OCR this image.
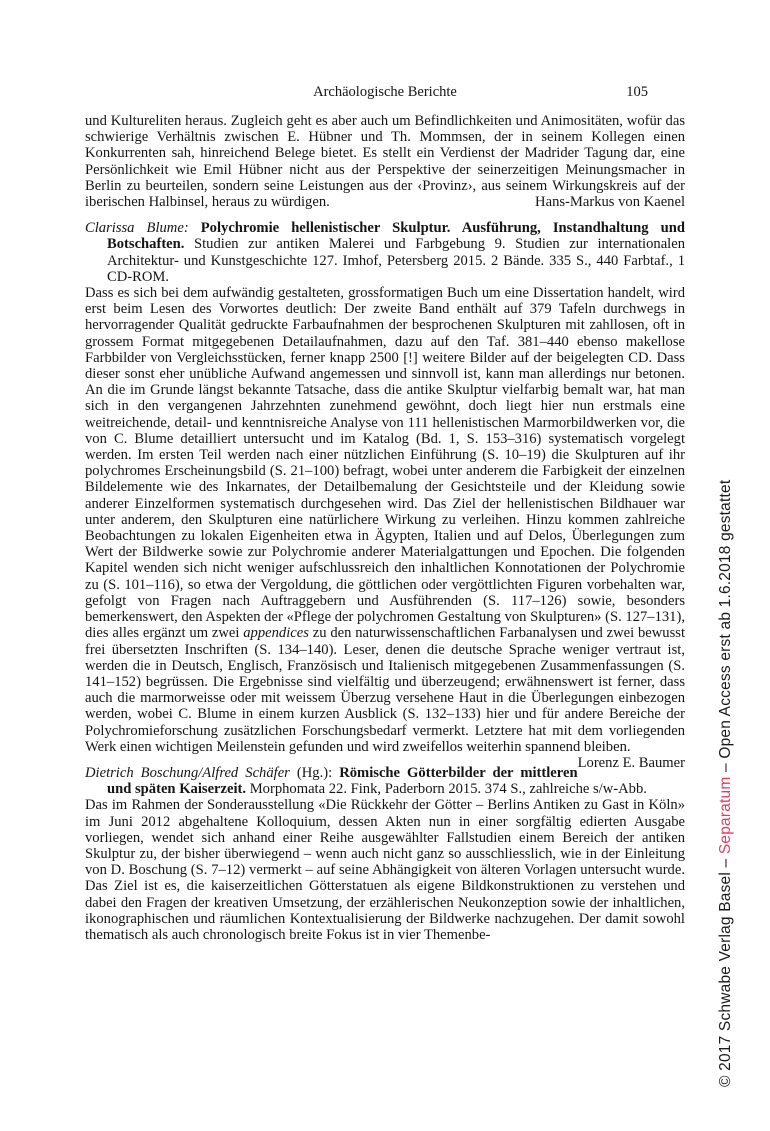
Archäologische Berichte	105

und Kultureliten heraus. Zugleich geht es aber auch um Befindlichkeiten und Animositäten, wofür das schwierige Verhältnis zwischen E. Hübner und Th. Mommsen, der in seinem Kollegen einen Konkurrenten sah, hinreichend Belege bietet. Es stellt ein Verdienst der Madrider Tagung dar, eine Persönlichkeit wie Emil Hübner nicht aus der Perspektive der seinerzeitigen Meinungsmacher in Berlin zu beurteilen, sondern seine Leistungen aus der ‹Provinz›, aus seinem Wirkungskreis auf der iberischen Halbinsel, heraus zu würdigen.	Hans-Markus von Kaenel

Clarissa Blume: Polychromie hellenistischer Skulptur. Ausführung, Instandhaltung und Botschaften. Studien zur antiken Malerei und Farbgebung 9. Studien zur internationalen Architektur- und Kunstgeschichte 127. Imhof, Petersberg 2015. 2 Bände. 335 S., 440 Farbtaf., 1 CD-ROM.

Dass es sich bei dem aufwändig gestalteten, grossformatigen Buch um eine Dissertation handelt, wird erst beim Lesen des Vorwortes deutlich: Der zweite Band enthält auf 379 Tafeln durchwegs in hervorragender Qualität gedruckte Farbaufnahmen der besprochenen Skulpturen mit zahllosen, oft in grossem Format mitgegebenen Detailaufnahmen, dazu auf den Taf. 381–440 ebenso makellose Farbbilder von Vergleichsstücken, ferner knapp 2500 [!] weitere Bilder auf der beigelegten CD. Dass dieser sonst eher unübliche Aufwand angemessen und sinnvoll ist, kann man allerdings nur betonen. An die im Grunde längst bekannte Tatsache, dass die antike Skulptur vielfarbig bemalt war, hat man sich in den vergangenen Jahrzehnten zunehmend gewöhnt, doch liegt hier nun erstmals eine weitreichende, detail- und kenntnisreiche Analyse von 111 hellenistischen Marmorbildwerken vor, die von C. Blume detailliert untersucht und im Katalog (Bd. 1, S. 153–316) systematisch vorgelegt werden. Im ersten Teil werden nach einer nützlichen Einführung (S. 10–19) die Skulpturen auf ihr polychromes Erscheinungsbild (S. 21–100) befragt, wobei unter anderem die Farbigkeit der einzelnen Bildelemente wie des Inkarnates, der Detailbemalung der Gesichtsteile und der Kleidung sowie anderer Einzelformen systematisch durchgesehen wird. Das Ziel der hellenistischen Bildhauer war unter anderem, den Skulpturen eine natürlichere Wirkung zu verleihen. Hinzu kommen zahlreiche Beobachtungen zu lokalen Eigenheiten etwa in Ägypten, Italien und auf Delos, Überlegungen zum Wert der Bildwerke sowie zur Polychromie anderer Materialgattungen und Epochen. Die folgenden Kapitel wenden sich nicht weniger aufschlussreich den inhaltlichen Konnotationen der Polychromie zu (S. 101–116), so etwa der Vergoldung, die göttlichen oder vergöttlichten Figuren vorbehalten war, gefolgt von Fragen nach Auftraggebern und Ausführenden (S. 117–126) sowie, besonders bemerkenswert, den Aspekten der «Pflege der polychromen Gestaltung von Skulpturen» (S. 127–131), dies alles ergänzt um zwei appendices zu den naturwissenschaftlichen Farbanalysen und zwei bewusst frei übersetzten Inschriften (S. 134–140). Leser, denen die deutsche Sprache weniger vertraut ist, werden die in Deutsch, Englisch, Französisch und Italienisch mitgegebenen Zusammenfassungen (S. 141–152) begrüssen. Die Ergebnisse sind vielfältig und überzeugend; erwähnenswert ist ferner, dass auch die marmorweisse oder mit weissem Überzug versehene Haut in die Überlegungen einbezogen werden, wobei C. Blume in einem kurzen Ausblick (S. 132–133) hier und für andere Bereiche der Polychromieforschung zusätzlichen Forschungsbedarf vermerkt. Letztere hat mit dem vorliegenden Werk einen wichtigen Meilenstein gefunden und wird zweifellos weiterhin spannend bleiben.
Lorenz E. Baumer

Dietrich Boschung/Alfred Schäfer (Hg.): Römische Götterbilder der mittleren und späten Kaiserzeit. Morphomata 22. Fink, Paderborn 2015. 374 S., zahlreiche s/w-Abb.

Das im Rahmen der Sonderausstellung «Die Rückkehr der Götter – Berlins Antiken zu Gast in Köln» im Juni 2012 abgehaltene Kolloquium, dessen Akten nun in einer sorgfältig edierten Ausgabe vorliegen, wendet sich anhand einer Reihe ausgewählter Fallstudien einem Bereich der antiken Skulptur zu, der bisher überwiegend – wenn auch nicht ganz so ausschliesslich, wie in der Einleitung von D. Boschung (S. 7–12) vermerkt – auf seine Abhängigkeit von älteren Vorlagen untersucht wurde. Das Ziel ist es, die kaiserzeitlichen Götterstatuen als eigene Bildkonstruktionen zu verstehen und dabei den Fragen der kreativen Umsetzung, der erzählerischen Neukonzeption sowie der inhaltlichen, ikonographischen und räumlichen Kontextualisierung der Bildwerke nachzugehen. Der damit sowohl thematisch als auch chronologisch breite Fokus ist in vier Themenbe-	© 2017 Schwabe Verlag Basel – Separatum – Open Access erst ab 1.6.2018 gestattet
